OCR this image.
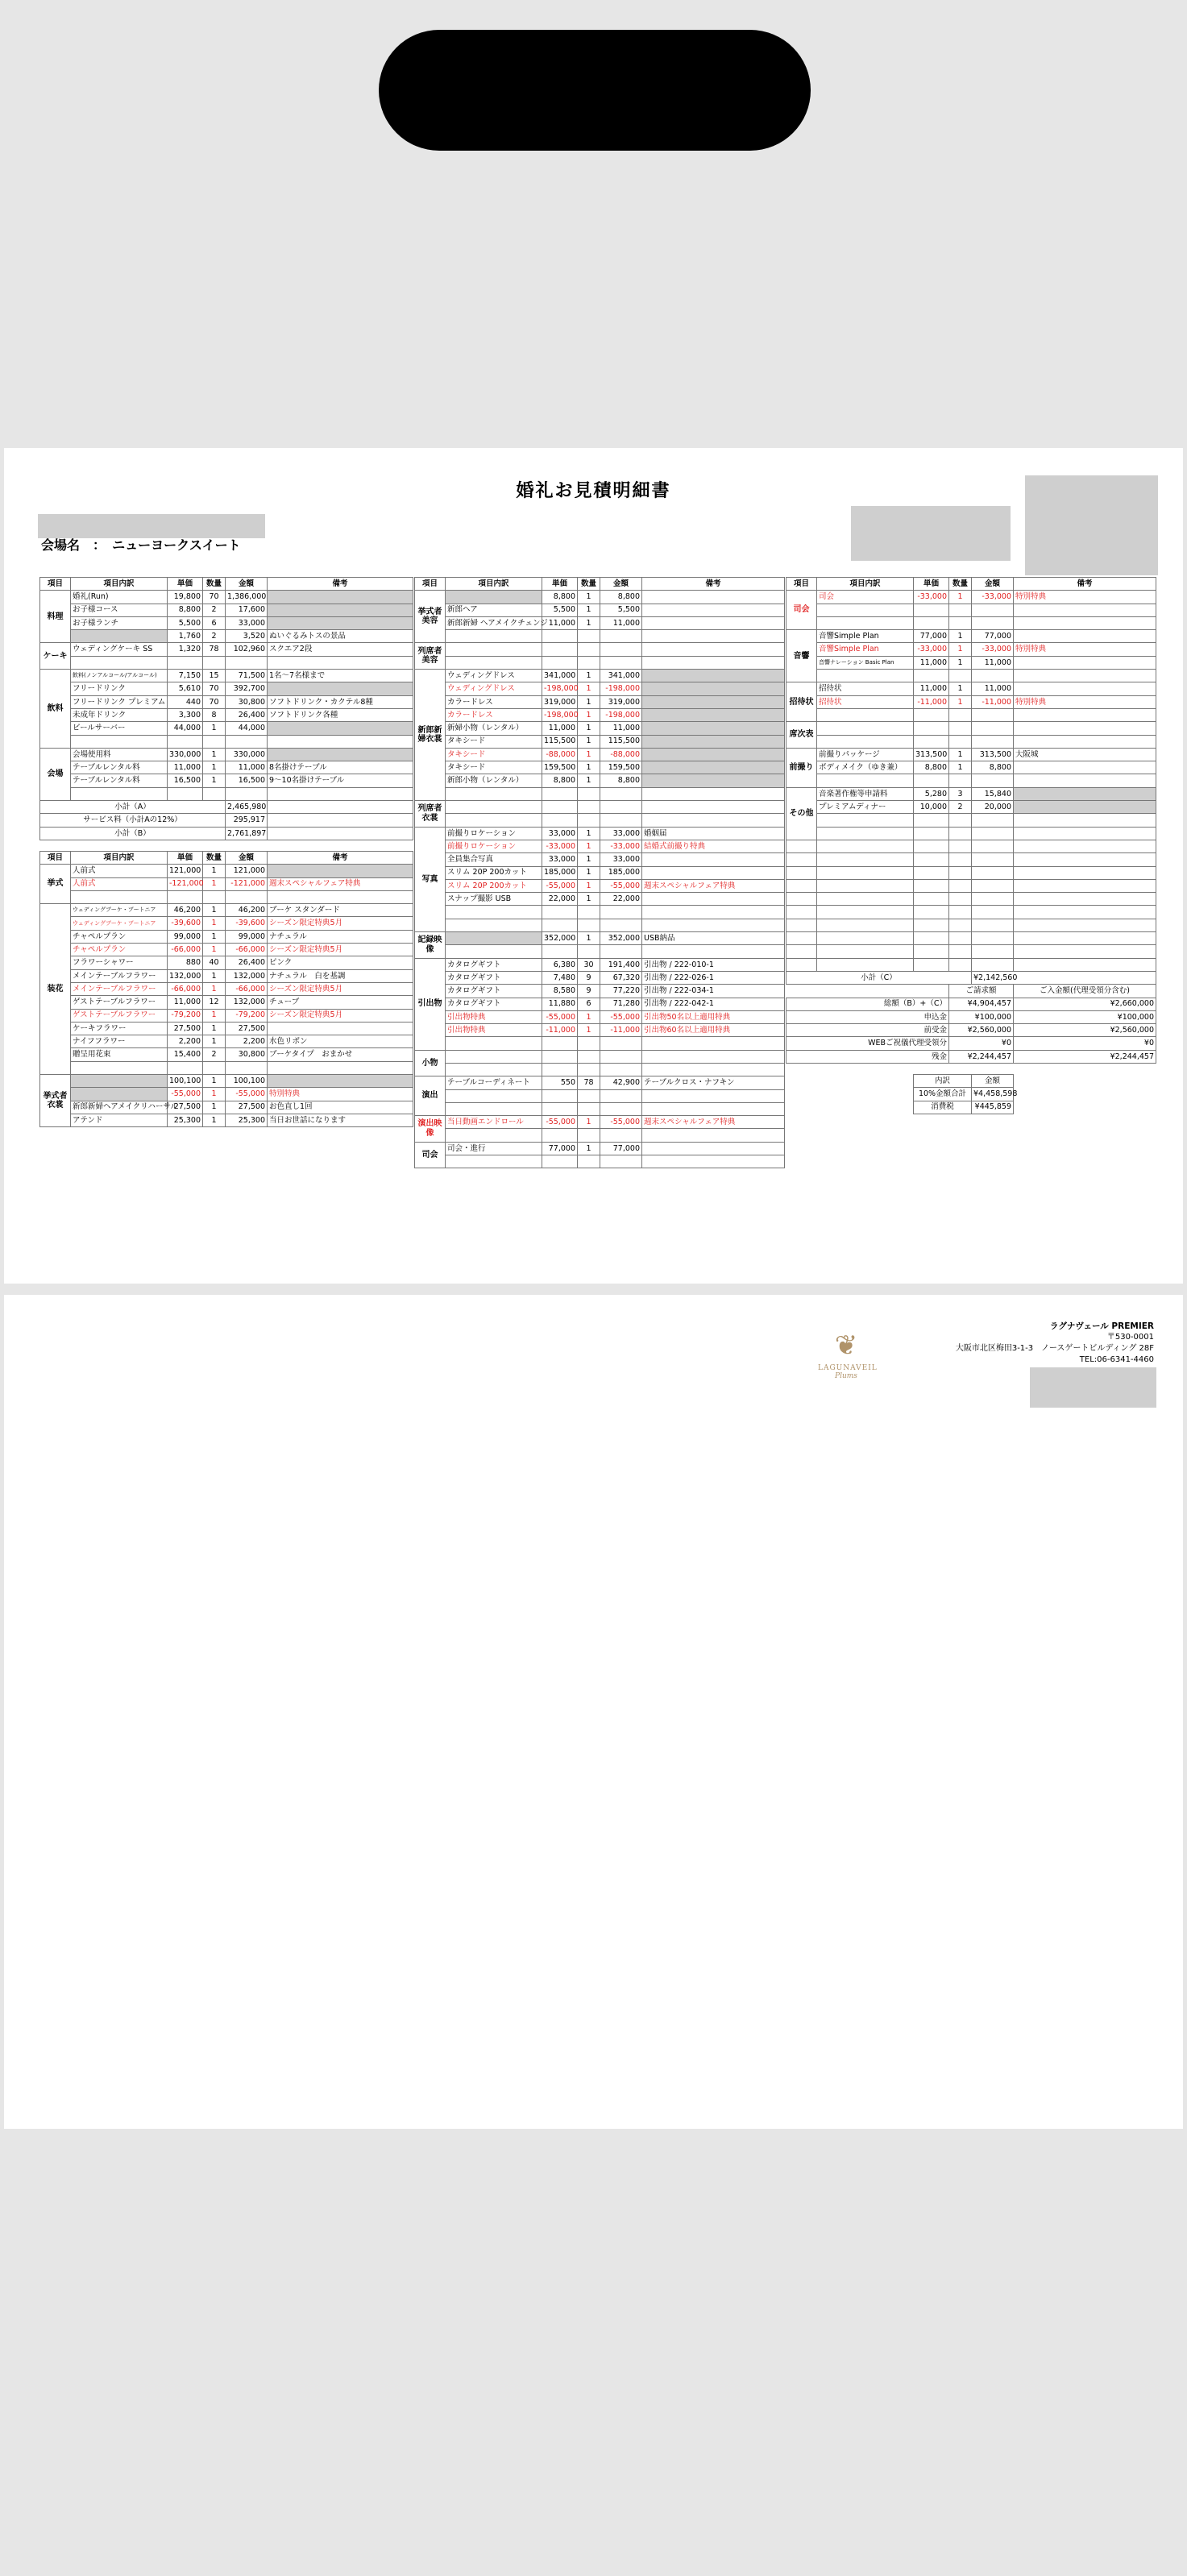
婚礼お見積明細書
会場名　 ：　 ニューヨークスイート
項目	項目内訳	単価	数量	金額	備考
料理	婚礼(Run)	19,800	70	1,386,000	
	お子様コース	8,800	2	17,600	
	お子様ランチ	5,500	6	33,000	
		1,760	2	3,520	ぬいぐるみトスの景品
ケーキ	ウェディングケーキ SS	1,320	78	102,960	スクエア2段

飲料	飲料(ノンアルコール/アルコール)	7,150	15	71,500	1名〜7名様まで
	フリードリンク	5,610	70	392,700	
	フリードリンク プレミアム	440	70	30,800	ソフトドリンク・カクテル8種
	未成年ドリンク	3,300	8	26,400	ソフトドリンク各種
	ビールサーバー	44,000	1	44,000	

会場	会場使用料	330,000	1	330,000	
	テーブルレンタル料	11,000	1	11,000	8名掛けテーブル
	テーブルレンタル料	16,500	1	16,500	9〜10名掛けテーブル

小計（A）				2,465,980	
サービス料（小計Aの12%）				295,917	
小計（B）				2,761,897	

項目	項目内訳	単価	数量	金額	備考
挙式	人前式	121,000	1	121,000	
	人前式	-121,000	1	-121,000	週末スペシャルフェア特典

装花	ウェディングブーケ・ブートニア	46,200	1	46,200	ブーケ スタンダード
	ウェディングブーケ・ブートニア	-39,600	1	-39,600	シーズン限定特典5月
	チャペルプラン	99,000	1	99,000	ナチュラル
	チャペルプラン	-66,000	1	-66,000	シーズン限定特典5月
	フラワーシャワー	880	40	26,400	ピンク
	メインテーブルフラワー	132,000	1	132,000	ナチュラル　白を基調
	メインテーブルフラワー	-66,000	1	-66,000	シーズン限定特典5月
	ゲストテーブルフラワー	11,000	12	132,000	チューブ
	ゲストテーブルフラワー	-79,200	1	-79,200	シーズン限定特典5月
	ケーキフラワー	27,500	1	27,500	
	ナイフフラワー	2,200	1	2,200	水色リボン
	贈呈用花束	15,400	2	30,800	ブーケタイプ　おまかせ

挙式者衣裳		100,100	1	100,100	
		-55,000	1	-55,000	特別特典
	新郎新婦ヘアメイクリハーサル	27,500	1	27,500	お色直し1回
	アテンド	25,300	1	25,300	当日お世話になります
項目	項目内訳	単価	数量	金額	備考
挙式者美容		8,800	1	8,800	
	新郎ヘア	5,500	1	5,500	
	新郎新婦 ヘアメイクチェンジ	11,000	1	11,000	

列席者美容					

新郎新婦衣裳	ウェディングドレス	341,000	1	341,000	
	ウェディングドレス	-198,000	1	-198,000	
	カラードレス	319,000	1	319,000	
	カラードレス	-198,000	1	-198,000	
	新婦小物（レンタル）	11,000	1	11,000	
	タキシード	115,500	1	115,500	
	タキシード	-88,000	1	-88,000	
	タキシード	159,500	1	159,500	
	新郎小物（レンタル）	8,800	1	8,800	

列席者衣裳					

写真	前撮りロケーション	33,000	1	33,000	婚姻届
	前撮りロケーション	-33,000	1	-33,000	結婚式前撮り特典
	全員集合写真	33,000	1	33,000	
	スリム 20P 200カット	185,000	1	185,000	
	スリム 20P 200カット	-55,000	1	-55,000	週末スペシャルフェア特典
	スナップ撮影 USB	22,000	1	22,000	

記録映像		352,000	1	352,000	USB納品

引出物	カタログギフト	6,380	30	191,400	引出物 / 222-010-1
	カタログギフト	7,480	9	67,320	引出物 / 222-026-1
	カタログギフト	8,580	9	77,220	引出物 / 222-034-1
	カタログギフト	11,880	6	71,280	引出物 / 222-042-1
	引出物特典	-55,000	1	-55,000	引出物50名以上適用特典
	引出物特典	-11,000	1	-11,000	引出物60名以上適用特典

小物					

演出	テーブルコーディネート	550	78	42,900	テーブルクロス・ナフキン

演出映像	当日動画エンドロール	-55,000	1	-55,000	週末スペシャルフェア特典

司会	司会・進行	77,000	1	77,000	

項目	項目内訳	単価	数量	金額	備考
司会	司会	-33,000	1	-33,000	特別特典

音響	音響Simple Plan	77,000	1	77,000	
	音響Simple Plan	-33,000	1	-33,000	特別特典
	音響ナレーション Basic Plan	11,000	1	11,000	

招待状	招待状	11,000	1	11,000	
	招待状	-11,000	1	-11,000	特別特典

席次表					

前撮り	前撮りパッケージ	313,500	1	313,500	大阪城
	ボディメイク（ゆき兼）	8,800	1	8,800	

その他	音楽著作権等申請料	5,280	3	15,840	
	プレミアムディナー	10,000	2	20,000	

小計（C）				¥2,142,560	
			ご請求額		ご入金額(代理受領分含む)
総額（B）+（C）			¥4,904,457		¥2,660,000
申込金			¥100,000		¥100,000
前受金			¥2,560,000		¥2,560,000
WEBご祝儀代理受領分			¥0		¥0
残金			¥2,244,457		¥2,244,457

		内訳		金額	
		10%金額合計		¥4,458,598	
		消費税		¥445,859	
❦
LAGUNAVEIL
Plums
ラグナヴェール PREMIER
〒530-0001
大阪市北区梅田3-1-3　ノースゲートビルディング 28F
TEL:06-6341-4460
